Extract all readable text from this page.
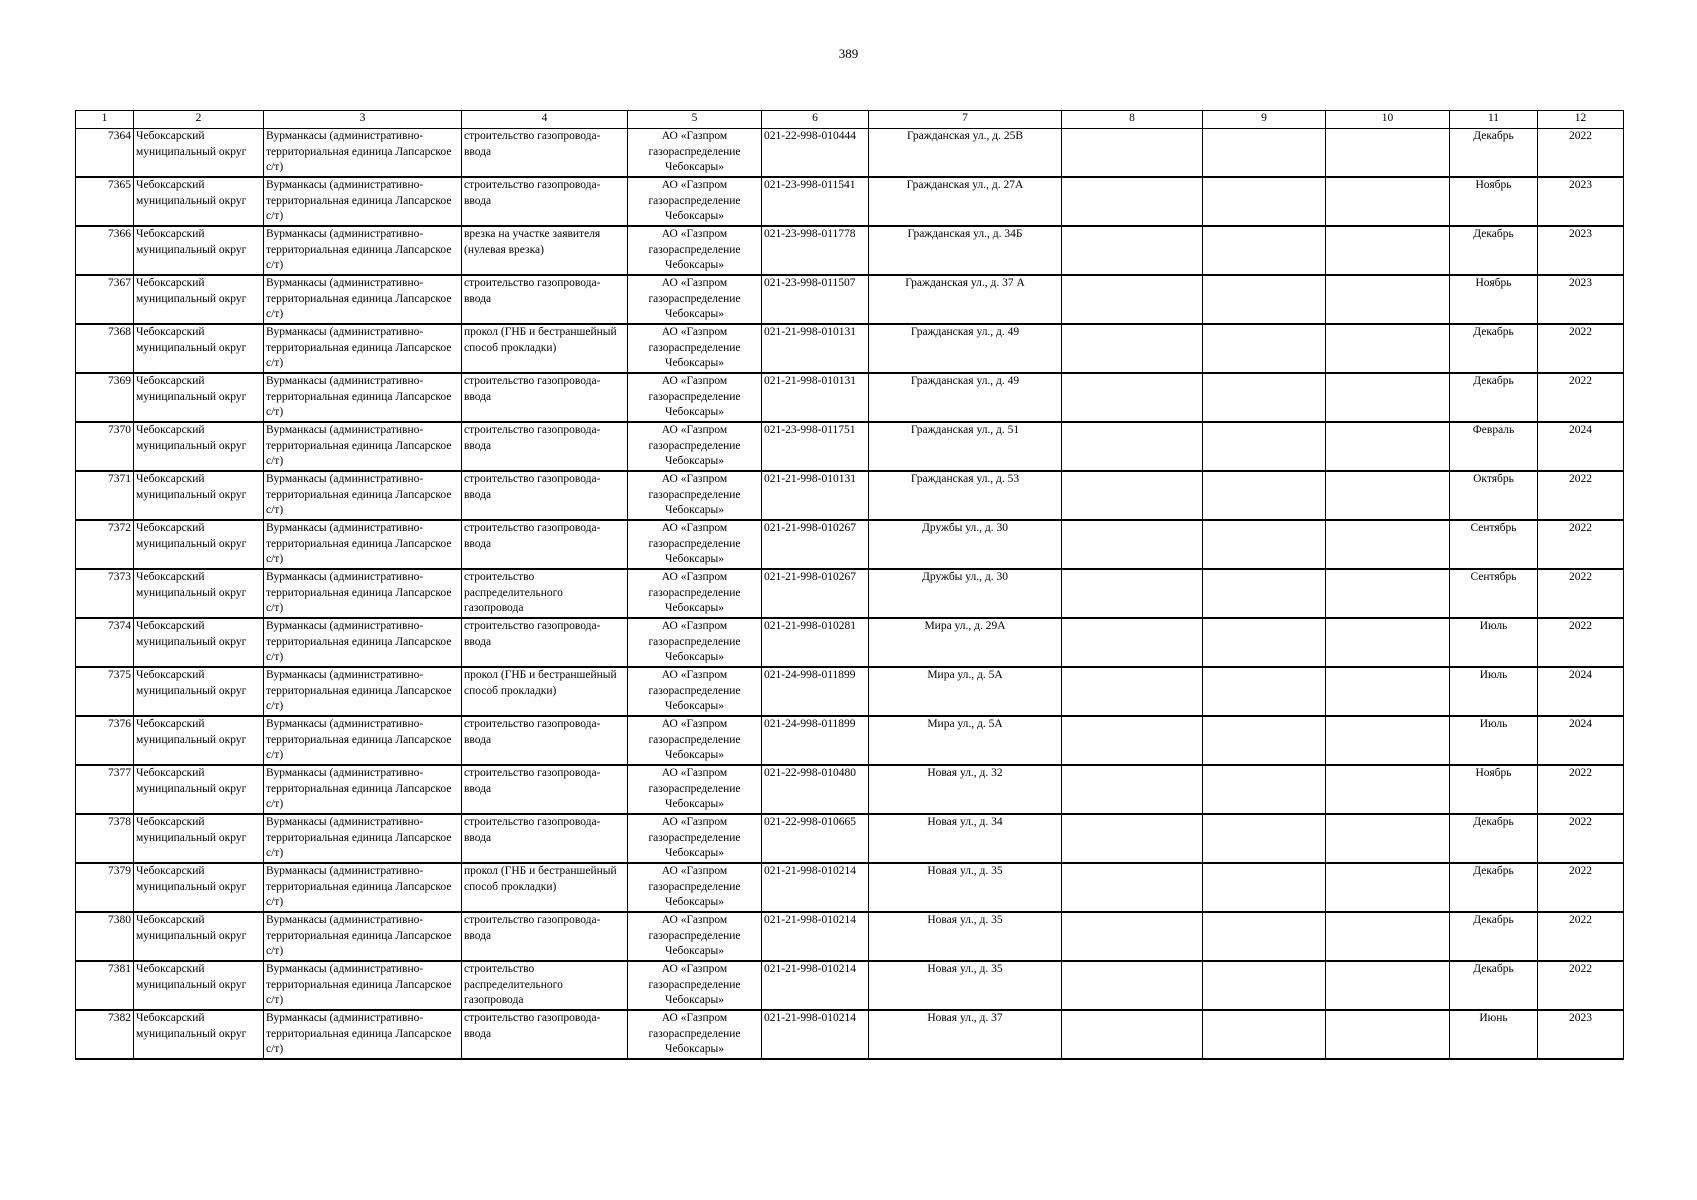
389
1	2	3	4	5	6	7	8	9	10	11	12
7364	Чебоксарский муниципальный округ	Вурманкасы (административно-территориальная единица Лапсарское с/т)	строительство газопровода-ввода	АО «Газпром газораспределение Чебоксары»	021-22-998-010444	Гражданская ул., д. 25В				Декабрь	2022
7365	Чебоксарский муниципальный округ	Вурманкасы (административно-территориальная единица Лапсарское с/т)	строительство газопровода-ввода	АО «Газпром газораспределение Чебоксары»	021-23-998-011541	Гражданская ул., д. 27А				Ноябрь	2023
7366	Чебоксарский муниципальный округ	Вурманкасы (административно-территориальная единица Лапсарское с/т)	врезка на участке заявителя (нулевая врезка)	АО «Газпром газораспределение Чебоксары»	021-23-998-011778	Гражданская ул., д. 34Б				Декабрь	2023
7367	Чебоксарский муниципальный округ	Вурманкасы (административно-территориальная единица Лапсарское с/т)	строительство газопровода-ввода	АО «Газпром газораспределение Чебоксары»	021-23-998-011507	Гражданская ул., д. 37 А				Ноябрь	2023
7368	Чебоксарский муниципальный округ	Вурманкасы (административно-территориальная единица Лапсарское с/т)	прокол (ГНБ и бестраншейный способ прокладки)	АО «Газпром газораспределение Чебоксары»	021-21-998-010131	Гражданская ул., д. 49				Декабрь	2022
7369	Чебоксарский муниципальный округ	Вурманкасы (административно-территориальная единица Лапсарское с/т)	строительство газопровода-ввода	АО «Газпром газораспределение Чебоксары»	021-21-998-010131	Гражданская ул., д. 49				Декабрь	2022
7370	Чебоксарский муниципальный округ	Вурманкасы (административно-территориальная единица Лапсарское с/т)	строительство газопровода-ввода	АО «Газпром газораспределение Чебоксары»	021-23-998-011751	Гражданская ул., д. 51				Февраль	2024
7371	Чебоксарский муниципальный округ	Вурманкасы (административно-территориальная единица Лапсарское с/т)	строительство газопровода-ввода	АО «Газпром газораспределение Чебоксары»	021-21-998-010131	Гражданская ул., д. 53				Октябрь	2022
7372	Чебоксарский муниципальный округ	Вурманкасы (административно-территориальная единица Лапсарское с/т)	строительство газопровода-ввода	АО «Газпром газораспределение Чебоксары»	021-21-998-010267	Дружбы ул., д. 30				Сентябрь	2022
7373	Чебоксарский муниципальный округ	Вурманкасы (административно-территориальная единица Лапсарское с/т)	строительство распределительного газопровода	АО «Газпром газораспределение Чебоксары»	021-21-998-010267	Дружбы ул., д. 30				Сентябрь	2022
7374	Чебоксарский муниципальный округ	Вурманкасы (административно-территориальная единица Лапсарское с/т)	строительство газопровода-ввода	АО «Газпром газораспределение Чебоксары»	021-21-998-010281	Мира ул., д. 29А				Июль	2022
7375	Чебоксарский муниципальный округ	Вурманкасы (административно-территориальная единица Лапсарское с/т)	прокол (ГНБ и бестраншейный способ прокладки)	АО «Газпром газораспределение Чебоксары»	021-24-998-011899	Мира ул., д. 5А				Июль	2024
7376	Чебоксарский муниципальный округ	Вурманкасы (административно-территориальная единица Лапсарское с/т)	строительство газопровода-ввода	АО «Газпром газораспределение Чебоксары»	021-24-998-011899	Мира ул., д. 5А				Июль	2024
7377	Чебоксарский муниципальный округ	Вурманкасы (административно-территориальная единица Лапсарское с/т)	строительство газопровода-ввода	АО «Газпром газораспределение Чебоксары»	021-22-998-010480	Новая ул., д. 32				Ноябрь	2022
7378	Чебоксарский муниципальный округ	Вурманкасы (административно-территориальная единица Лапсарское с/т)	строительство газопровода-ввода	АО «Газпром газораспределение Чебоксары»	021-22-998-010665	Новая ул., д. 34				Декабрь	2022
7379	Чебоксарский муниципальный округ	Вурманкасы (административно-территориальная единица Лапсарское с/т)	прокол (ГНБ и бестраншейный способ прокладки)	АО «Газпром газораспределение Чебоксары»	021-21-998-010214	Новая ул., д. 35				Декабрь	2022
7380	Чебоксарский муниципальный округ	Вурманкасы (административно-территориальная единица Лапсарское с/т)	строительство газопровода-ввода	АО «Газпром газораспределение Чебоксары»	021-21-998-010214	Новая ул., д. 35				Декабрь	2022
7381	Чебоксарский муниципальный округ	Вурманкасы (административно-территориальная единица Лапсарское с/т)	строительство распределительного газопровода	АО «Газпром газораспределение Чебоксары»	021-21-998-010214	Новая ул., д. 35				Декабрь	2022
7382	Чебоксарский муниципальный округ	Вурманкасы (административно-территориальная единица Лапсарское с/т)	строительство газопровода-ввода	АО «Газпром газораспределение Чебоксары»	021-21-998-010214	Новая ул., д. 37				Июнь	2023
